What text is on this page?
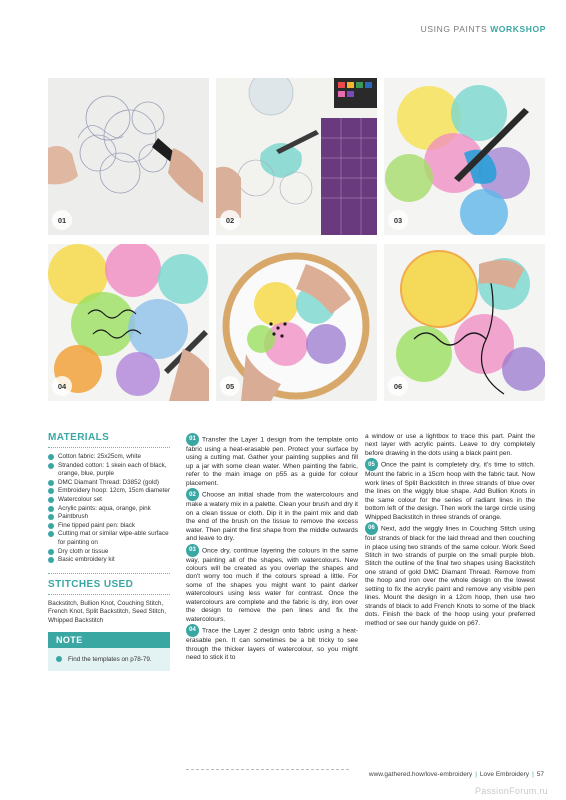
USING PAINTS WORKSHOP
01	02	03
04	05	06
MATERIALS
Cotton fabric: 25x25cm, white
Stranded cotton: 1 skein each of black, orange, blue, purple
DMC Diamant Thread: D3852 (gold)
Embroidery hoop: 12cm, 15cm diameter
Watercolour set
Acrylic paints: aqua, orange, pink
Paintbrush
Fine tipped paint pen: black
Cutting mat or similar wipe-able surface for painting on
Dry cloth or tissue
Basic embroidery kit
STITCHES USED

Backstitch, Bullion Knot, Couching Stitch, French Knot, Split Backstitch, Seed Stitch, Whipped Backstitch

NOTE
Find the templates on p78-79.

01 Transfer the Layer 1 design from the template onto fabric using a heat-erasable pen. Protect your surface by using a cutting mat. Gather your painting supplies and fill up a jar with some clean water. When painting the fabric, refer to the main image on p55 as a guide for colour placement.

02 Choose an initial shade from the watercolours and make a watery mix in a palette. Clean your brush and dry it on a clean tissue or cloth. Dip it in the paint mix and dab the end of the brush on the tissue to remove the excess water. Then paint the first shape from the middle outwards and leave to dry.

03 Once dry, continue layering the colours in the same way, painting all of the shapes, with watercolours. New colours will be created as you overlap the shapes and don't worry too much if the colours spread a little. For some of the shapes you might want to paint darker watercolours using less water for contrast. Once the watercolours are complete and the fabric is dry, iron over the design to remove the pen lines and fix the watercolours.

04 Trace the Layer 2 design onto fabric using a heat-erasable pen. It can sometimes be a bit tricky to see through the thicker layers of watercolour, so you might need to stick it to

a window or use a lightbox to trace this part. Paint the next layer with acrylic paints. Leave to dry completely before drawing in the dots using a black paint pen.

05 Once the paint is completely dry, it's time to stitch. Mount the fabric in a 15cm hoop with the fabric taut. Now work lines of Split Backstitch in three strands of blue over the lines on the wiggly blue shape. Add Bullion Knots in the same colour for the series of radiant lines in the bottom left of the design. Then work the large circle using Whipped Backstitch in three strands of orange.

06 Next, add the wiggly lines in Couching Stitch using four strands of black for the laid thread and then couching in place using two strands of the same colour. Work Seed Stitch in two strands of purple on the small purple blob. Stitch the outline of the final two shapes using Backstitch one strand of gold DMC Diamant Thread. Remove from the hoop and iron over the whole design on the lowest setting to fix the acrylic paint and remove any visible pen lines. Mount the design in a 12cm hoop, then use two strands of black to add French Knots to some of the black dots. Finish the back of the hoop using your preferred method or see our handy guide on p67.

www.gathered.how/love-embroidery | Love Embroidery | 57
PassionForum.ru
